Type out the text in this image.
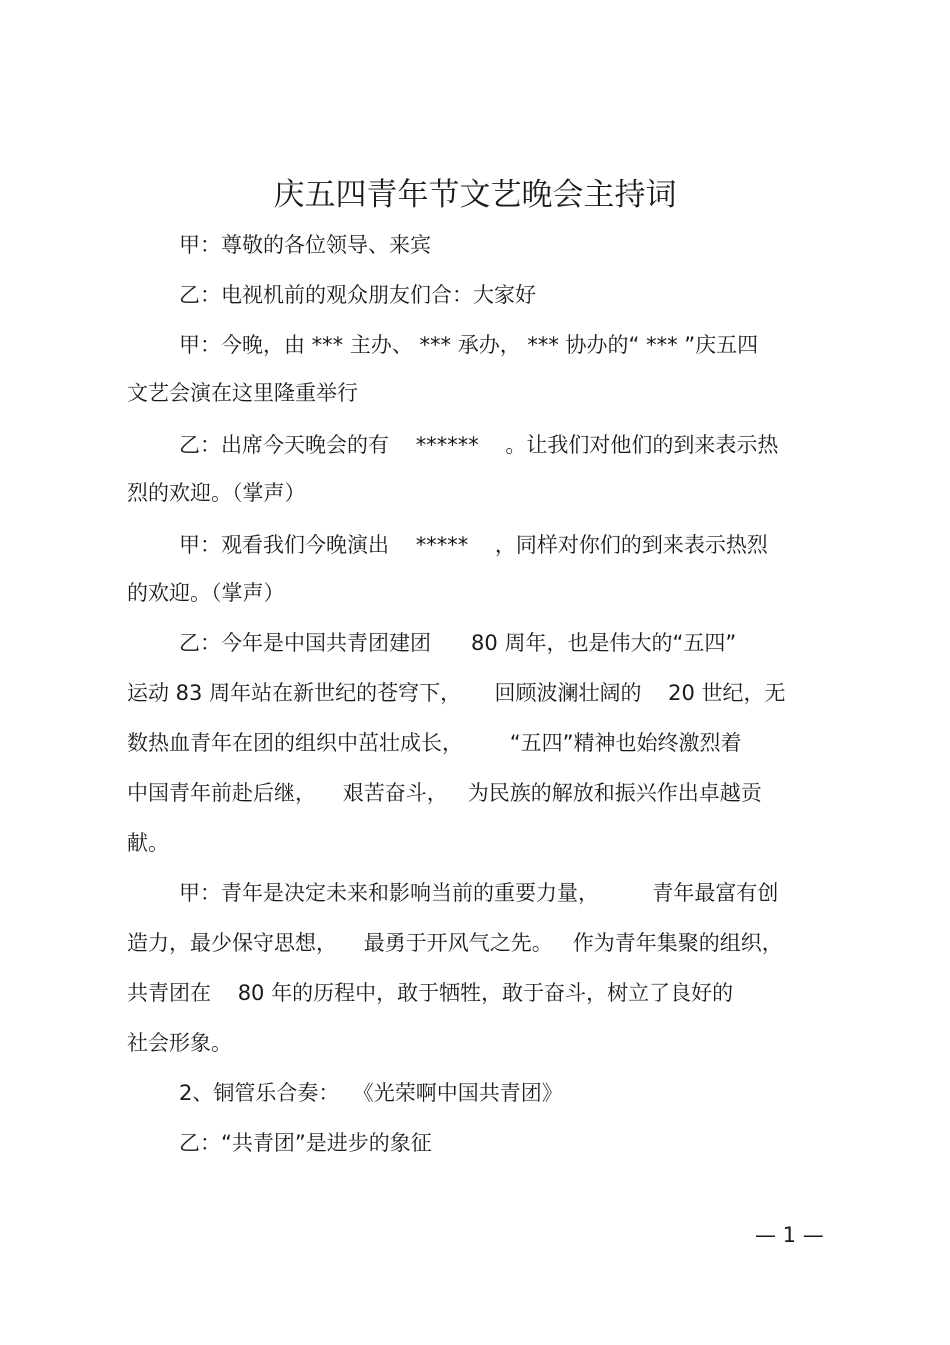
庆五四青年节文艺晚会主持词

甲：尊敬的各位领导、来宾

乙：电视机前的观众朋友们合：大家好

甲：今晚，由 *** 主办、 *** 承办， *** 协办的“ *** ”庆五四

文艺会演在这里隆重举行

乙：出席今天晚会的有    ******    。让我们对他们的到来表示热

烈的欢迎。（掌声）

甲：观看我们今晚演出    *****    ，同样对你们的到来表示热烈

的欢迎。（掌声）

乙：今年是中国共青团建团      80 周年，也是伟大的“五四”

运动 83 周年站在新世纪的苍穹下，     回顾波澜壮阔的    20 世纪，无

数热血青年在团的组织中茁壮成长，       “五四”精神也始终激烈着

中国青年前赴后继，    艰苦奋斗，   为民族的解放和振兴作出卓越贡

献。

甲：青年是决定未来和影响当前的重要力量，        青年最富有创

造力，最少保守思想，    最勇于开风气之先。   作为青年集聚的组织，

共青团在    80 年的历程中，敢于牺牲，敢于奋斗，树立了良好的

社会形象。

2、铜管乐合奏：  《光荣啊中国共青团》

乙：“共青团”是进步的象征

— 1 —
